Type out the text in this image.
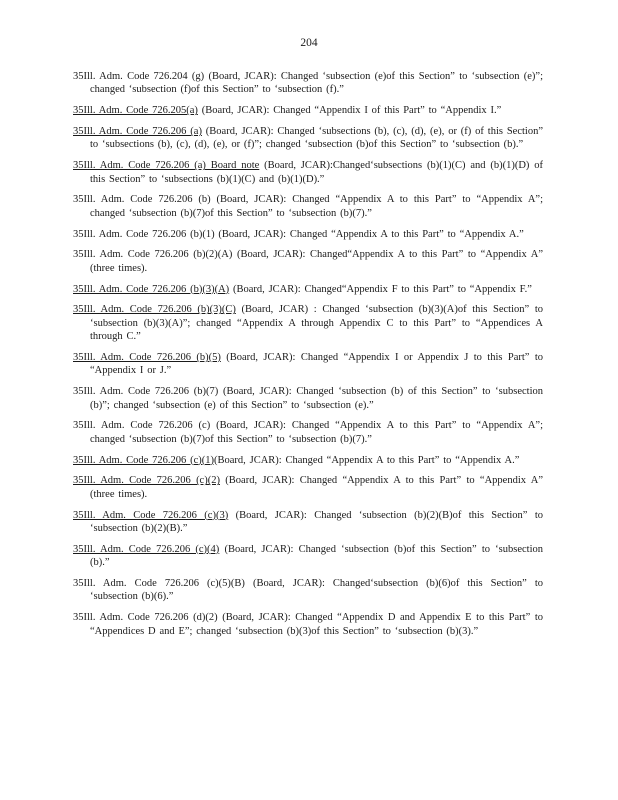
204

35Ill. Adm. Code 726.204 (g) (Board, JCAR): Changed ‘subsection (e)of this Section” to ‘subsection (e)”; changed ‘subsection (f)of this Section” to ‘subsection (f).”

35Ill. Adm. Code 726.205(a) (Board, JCAR): Changed “Appendix I of this Part” to “Appendix I.”

35Ill. Adm. Code 726.206 (a) (Board, JCAR): Changed ‘subsections (b), (c), (d), (e), or (f) of this Section” to ‘subsections (b), (c), (d), (e), or (f)”; changed ‘subsection (b)of this Section” to ‘subsection (b).”

35Ill. Adm. Code 726.206 (a) Board note (Board, JCAR):Changed‘subsections (b)(1)(C) and (b)(1)(D) of this Section” to ‘subsections (b)(1)(C) and (b)(1)(D).”

35Ill. Adm. Code 726.206 (b) (Board, JCAR): Changed “Appendix A to this Part” to “Appendix A”; changed ‘subsection (b)(7)of this Section” to ‘subsection (b)(7).”

35Ill. Adm. Code 726.206 (b)(1) (Board, JCAR): Changed “Appendix A to this Part” to “Appendix A.”

35Ill. Adm. Code 726.206 (b)(2)(A) (Board, JCAR): Changed“Appendix A to this Part” to “Appendix A” (three times).

35Ill. Adm. Code 726.206 (b)(3)(A) (Board, JCAR): Changed“Appendix F to this Part” to “Appendix F.”

35Ill. Adm. Code 726.206 (b)(3)(C) (Board, JCAR) : Changed ‘subsection (b)(3)(A)of this Section” to ‘subsection (b)(3)(A)”; changed “Appendix A through Appendix C to this Part” to “Appendices A through C.”

35Ill. Adm. Code 726.206 (b)(5) (Board, JCAR): Changed “Appendix I or Appendix J to this Part” to “Appendix I or J.”

35Ill. Adm. Code 726.206 (b)(7) (Board, JCAR): Changed ‘subsection (b) of this Section” to ‘subsection (b)”; changed ‘subsection (e) of this Section” to ‘subsection (e).”

35Ill. Adm. Code 726.206 (c) (Board, JCAR): Changed “Appendix A to this Part” to “Appendix A”; changed ‘subsection (b)(7)of this Section” to ‘subsection (b)(7).”

35Ill. Adm. Code 726.206 (c)(1)(Board, JCAR): Changed “Appendix A to this Part” to “Appendix A.”

35Ill. Adm. Code 726.206 (c)(2) (Board, JCAR): Changed “Appendix A to this Part” to “Appendix A” (three times).

35Ill. Adm. Code 726.206 (c)(3) (Board, JCAR): Changed ‘subsection (b)(2)(B)of this Section” to ‘subsection (b)(2)(B).”

35Ill. Adm. Code 726.206 (c)(4) (Board, JCAR): Changed ‘subsection (b)of this Section” to ‘subsection (b).”

35Ill. Adm. Code 726.206 (c)(5)(B) (Board, JCAR): Changed‘subsection (b)(6)of this Section” to ‘subsection (b)(6).”

35Ill. Adm. Code 726.206 (d)(2) (Board, JCAR): Changed “Appendix D and Appendix E to this Part” to “Appendices D and E”; changed ‘subsection (b)(3)of this Section” to ‘subsection (b)(3).”
